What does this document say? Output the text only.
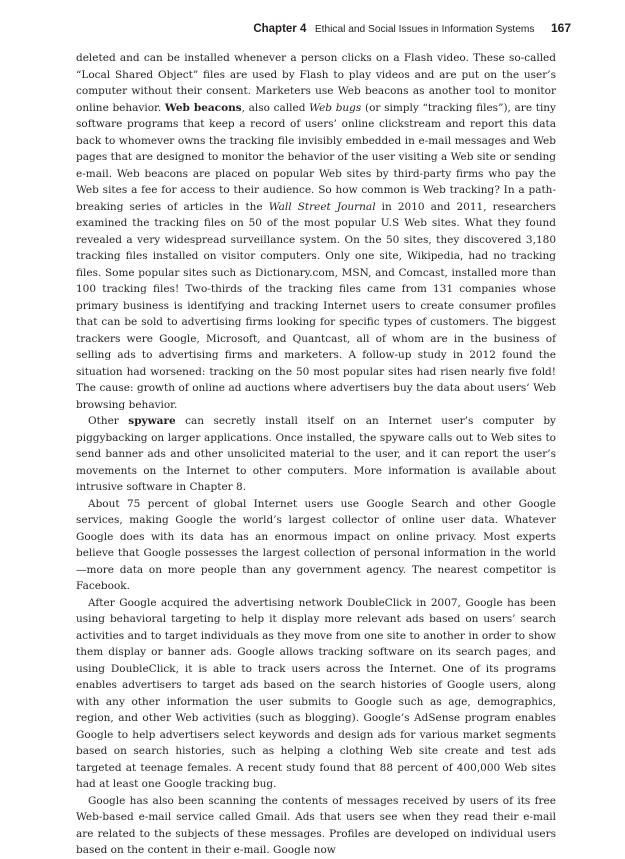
Chapter 4 Ethical and Social Issues in Information Systems 167

deleted and can be installed whenever a person clicks on a Flash video. These so-called “Local Shared Object” files are used by Flash to play videos and are put on the user’s computer without their consent. Marketers use Web beacons as another tool to monitor online behavior. Web beacons, also called Web bugs (or simply “tracking files”), are tiny software programs that keep a record of users’ online clickstream and report this data back to whomever owns the tracking file invisibly embedded in e-mail messages and Web pages that are designed to monitor the behavior of the user visiting a Web site or sending e-mail. Web beacons are placed on popular Web sites by third-party firms who pay the Web sites a fee for access to their audience. So how common is Web tracking? In a path-breaking series of articles in the Wall Street Journal in 2010 and 2011, researchers examined the tracking files on 50 of the most popular U.S Web sites. What they found revealed a very widespread surveillance system. On the 50 sites, they discovered 3,180 tracking files installed on visitor computers. Only one site, Wikipedia, had no tracking files. Some popular sites such as Dictionary.com, MSN, and Comcast, installed more than 100 tracking files! Two-thirds of the tracking files came from 131 companies whose primary business is identifying and tracking Internet users to create consumer profiles that can be sold to advertising firms looking for specific types of customers. The biggest trackers were Google, Microsoft, and Quantcast, all of whom are in the business of selling ads to advertising firms and marketers. A follow-up study in 2012 found the situation had worsened: tracking on the 50 most popular sites had risen nearly five fold! The cause: growth of online ad auctions where advertisers buy the data about users’ Web browsing behavior.

Other spyware can secretly install itself on an Internet user’s computer by piggybacking on larger applications. Once installed, the spyware calls out to Web sites to send banner ads and other unsolicited material to the user, and it can report the user’s movements on the Internet to other computers. More information is available about intrusive software in Chapter 8.

About 75 percent of global Internet users use Google Search and other Google services, making Google the world’s largest collector of online user data. Whatever Google does with its data has an enormous impact on online privacy. Most experts believe that Google possesses the largest collection of personal information in the world—more data on more people than any government agency. The nearest competitor is Facebook.

After Google acquired the advertising network DoubleClick in 2007, Google has been using behavioral targeting to help it display more relevant ads based on users’ search activities and to target individuals as they move from one site to another in order to show them display or banner ads. Google allows tracking software on its search pages, and using DoubleClick, it is able to track users across the Internet. One of its programs enables advertisers to target ads based on the search histories of Google users, along with any other information the user submits to Google such as age, demographics, region, and other Web activities (such as blogging). Google’s AdSense program enables Google to help advertisers select keywords and design ads for various market segments based on search histories, such as helping a clothing Web site create and test ads targeted at teenage females. A recent study found that 88 percent of 400,000 Web sites had at least one Google tracking bug.

Google has also been scanning the contents of messages received by users of its free Web-based e-mail service called Gmail. Ads that users see when they read their e-mail are related to the subjects of these messages. Profiles are developed on individual users based on the content in their e-mail. Google now
